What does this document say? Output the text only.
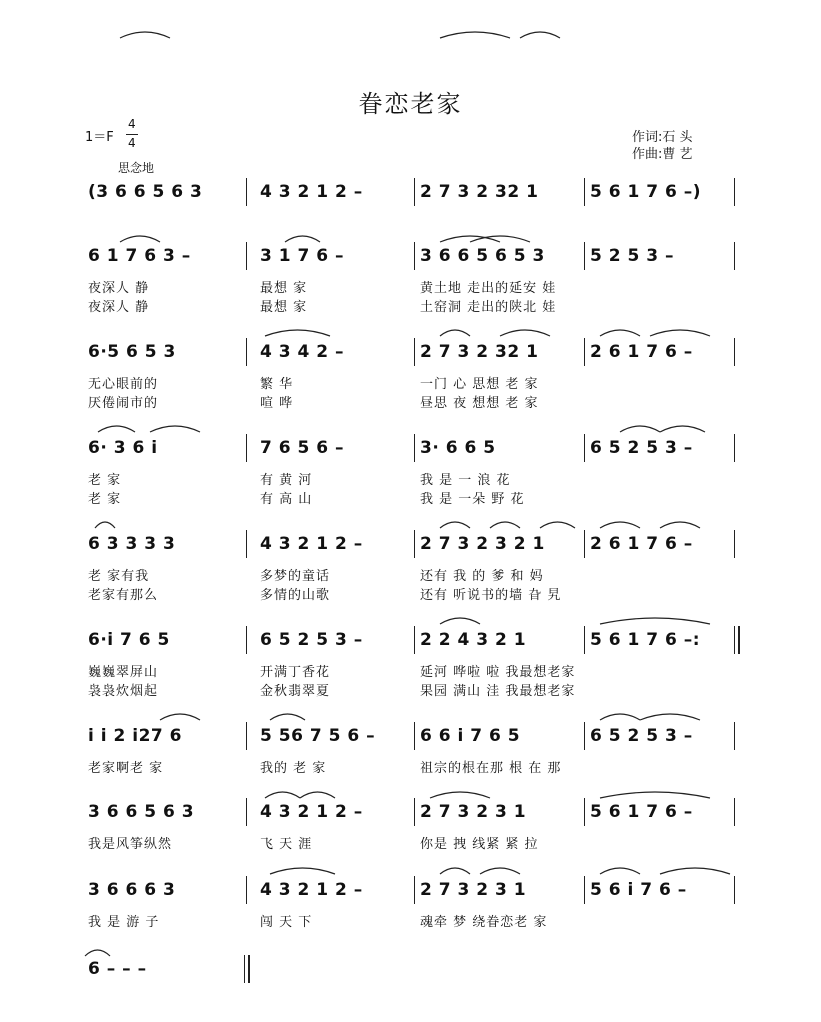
眷恋老家
1＝F
4
4	作词:石 头
作曲:曹 艺
思念地
(3 6 6 5 6 3	4 3 2 1 2 –	2 7 3 2 32 1	5 6 1 7 6 –)
6 1 7 6 3 –	3 1 7 6 –	3 6 6 5 6 5 3	5 2 5 3 –
夜深人 静	最想 家	黄土地 走出的延安 娃
夜深人 静	最想 家	土窑洞 走出的陕北 娃
6·5 6 5 3	4 3 4 2 –	2 7 3 2 32 1	2 6 1 7 6 –
无心眼前的	繁 华	一门 心 思想 老 家
厌倦闹市的	喧 哗	昼思 夜 想想 老 家
6· 3 6 i	7 6 5 6 –	3· 6 6 5	6 5 2 5 3 –
老 家	有 黄 河	我 是 一 浪 花
老 家	有 高 山	我 是 一朵 野 花
6 3 3 3 3	4 3 2 1 2 –	2 7 3 2 3 2 1	2 6 1 7 6 –
老 家有我	多梦的童话	还有 我 的 爹 和 妈
老家有那么	多情的山歌	还有 听说书的墙 旮 旯
6·i 7 6 5	6 5 2 5 3 –	2 2 4 3 2 1	5 6 1 7 6 –:
巍巍翠屏山	开满丁香花	延河 哗啦 啦 我最想老家
袅袅炊烟起	金秋翡翠夏	果园 满山 洼 我最想老家
i i 2 i27 6	5 56 7 5 6 –	6 6 i 7 6 5	6 5 2 5 3 –
老家啊老 家	我的 老 家	祖宗的根在那 根 在 那
3 6 6 5 6 3	4 3 2 1 2 –	2 7 3 2 3 1	5 6 1 7 6 –
我是风筝纵然	飞 天 涯	你是 拽 线紧 紧 拉
3 6 6 6 3	4 3 2 1 2 –	2 7 3 2 3 1	5 6 i 7 6 –
我 是 游 子	闯 天 下	魂牵 梦 绕眷恋老 家
6 – – –
